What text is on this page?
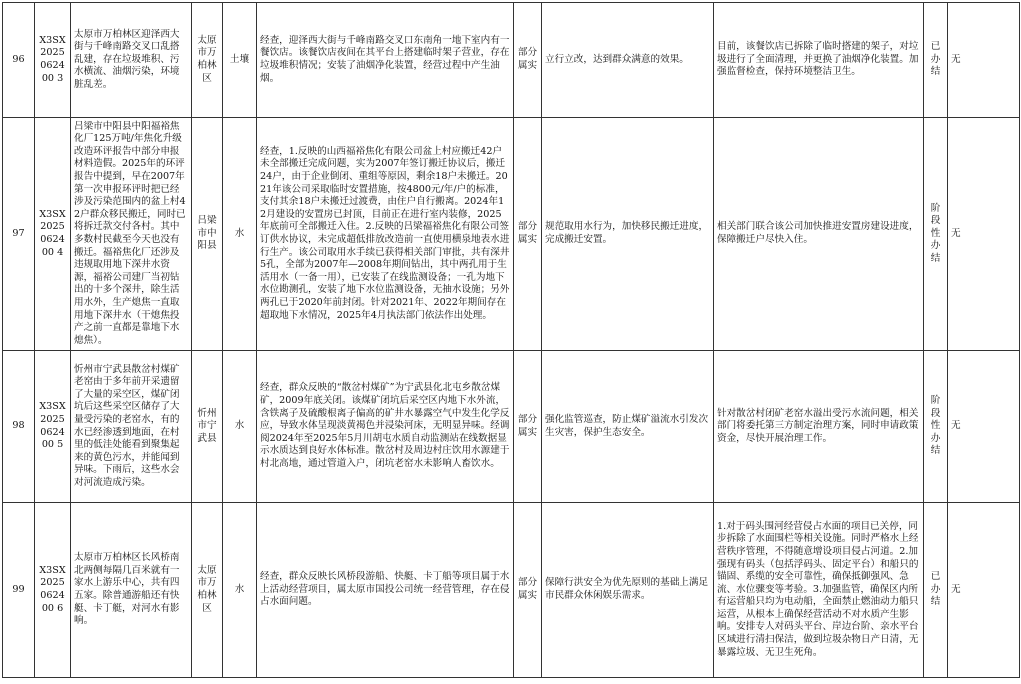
96	X3SX2025062400 3	太原市万柏林区迎泽西大街与千峰南路交叉口乱搭乱建，存在垃圾堆积、污水横流、油烟污染，环境脏乱差。	太原市万柏林区	土壤	经查，迎泽西大街与千峰南路交叉口东南角一地下室内有一餐饮店。该餐饮店夜间在其平台上搭建临时架子营业，存在垃圾堆积情况；安装了油烟净化装置，经营过程中产生油烟。	部分属实	立行立改，达到群众满意的效果。	目前，该餐饮店已拆除了临时搭建的架子，对垃圾进行了全面清理，并更换了油烟净化装置。加强监督检查，保持环境整洁卫生。	已办结	无
97	X3SX2025062400 4	吕梁市中阳县中阳福裕焦化厂125万吨/年焦化升级改造环评报告中部分申报材料造假。2025年的环评报告中提到，早在2007年第一次申报环评时把已经涉及污染范围内的盆上村42户群众移民搬迁，同时已将拆迁款交付各村。其中多数村民截至今天也没有搬迁。福裕焦化厂还涉及违规取用地下深井水资源，福裕公司建厂当初钻出的十多个深井，除生活用水外，生产熄焦一直取用地下深井水（干熄焦投产之前一直都是靠地下水熄焦）。	吕梁市中阳县	水	经查，1.反映的山西福裕焦化有限公司盆上村应搬迁42户未全部搬迁完成问题，实为2007年签订搬迁协议后，搬迁24户，由于企业倒闭、重组等原因，剩余18户未搬迁。2021年该公司采取临时安置措施，按4800元/年/户的标准，支付其余18户未搬迁过渡费，由住户自行搬离。2024年12月建设的安置房已封顶，目前正在进行室内装修，2025年底前可全部搬迁入住。2.反映的吕梁福裕焦化有限公司签订供水协议，未完成超低排放改造前一直使用横泉地表水进行生产。该公司取用水手续已获得相关部门审批，共有深井5孔，全部为2007年—2008年期间钻出，其中两孔用于生活用水（一备一用），已安装了在线监测设备；一孔为地下水位勘测孔，安装了地下水位监测设备，无抽水设施；另外两孔已于2020年前封闭。针对2021年、2022年期间存在超取地下水情况，2025年4月执法部门依法作出处理。	部分属实	规范取用水行为，加快移民搬迁进度，完成搬迁安置。	相关部门联合该公司加快推进安置房建设进度，保障搬迁户尽快入住。	阶段性办结	无
98	X3SX2025062400 5	忻州市宁武县散岔村煤矿老窑由于多年前开采遗留了大量的采空区，煤矿闭坑后这些采空区储存了大量受污染的老窑水，有的水已经渗透到地面，在村里的低洼处能看到聚集起来的黄色污水，并能闻到异味。下雨后，这些水会对河流造成污染。	忻州市宁武县	水	经查，群众反映的“散岔村煤矿”为宁武县化北屯乡散岔煤矿，2009年底关闭。该煤矿闭坑后采空区内地下水外流，含铁离子及硫酸根离子偏高的矿井水暴露空气中发生化学反应，导致水体呈现淡黄褐色并浸染河床，无明显异味。经调阅2024年至2025年5月川胡屯水质自动监测站在线数据显示水质达到良好水体标准。散岔村及周边村庄饮用水源建于村北高地，通过管道入户，闭坑老窑水未影响人畜饮水。	部分属实	强化监管巡查，防止煤矿溢流水引发次生灾害，保护生态安全。	针对散岔村闭矿老窑水溢出受污水流问题，相关部门将委托第三方制定治理方案，同时申请政策资金，尽快开展治理工作。	阶段性办结	无
99	X3SX2025062400 6	太原市万柏林区长风桥南北两侧每隔几百米就有一家水上游乐中心，共有四五家。除普通游船还有快艇、卡丁艇，对河水有影响。	太原市万柏林区	水	经查，群众反映长风桥段游船、快艇、卡丁船等项目属于水上活动经营项目，属太原市国投公司统一经营管理，存在侵占水面问题。	部分属实	保障行洪安全为优先原则的基础上满足市民群众休闲娱乐需求。	1.对于码头围河经营侵占水面的项目已关停，同步拆除了水面围栏等相关设施。同时严格水上经营秩序管理，不得随意增设项目侵占河道。2.加强现有码头（包括浮码头、固定平台）和船只的锚固、系缆的安全可靠性，确保抵御强风、急流、水位骤变等考验。3.加强监管，确保区内所有运营船只均为电动船，全面禁止燃油动力船只运营，从根本上确保经营活动不对水质产生影响。安排专人对码头平台、岸边台阶、亲水平台区域进行清扫保洁，做到垃圾杂物日产日清，无暴露垃圾、无卫生死角。	已办结	无
